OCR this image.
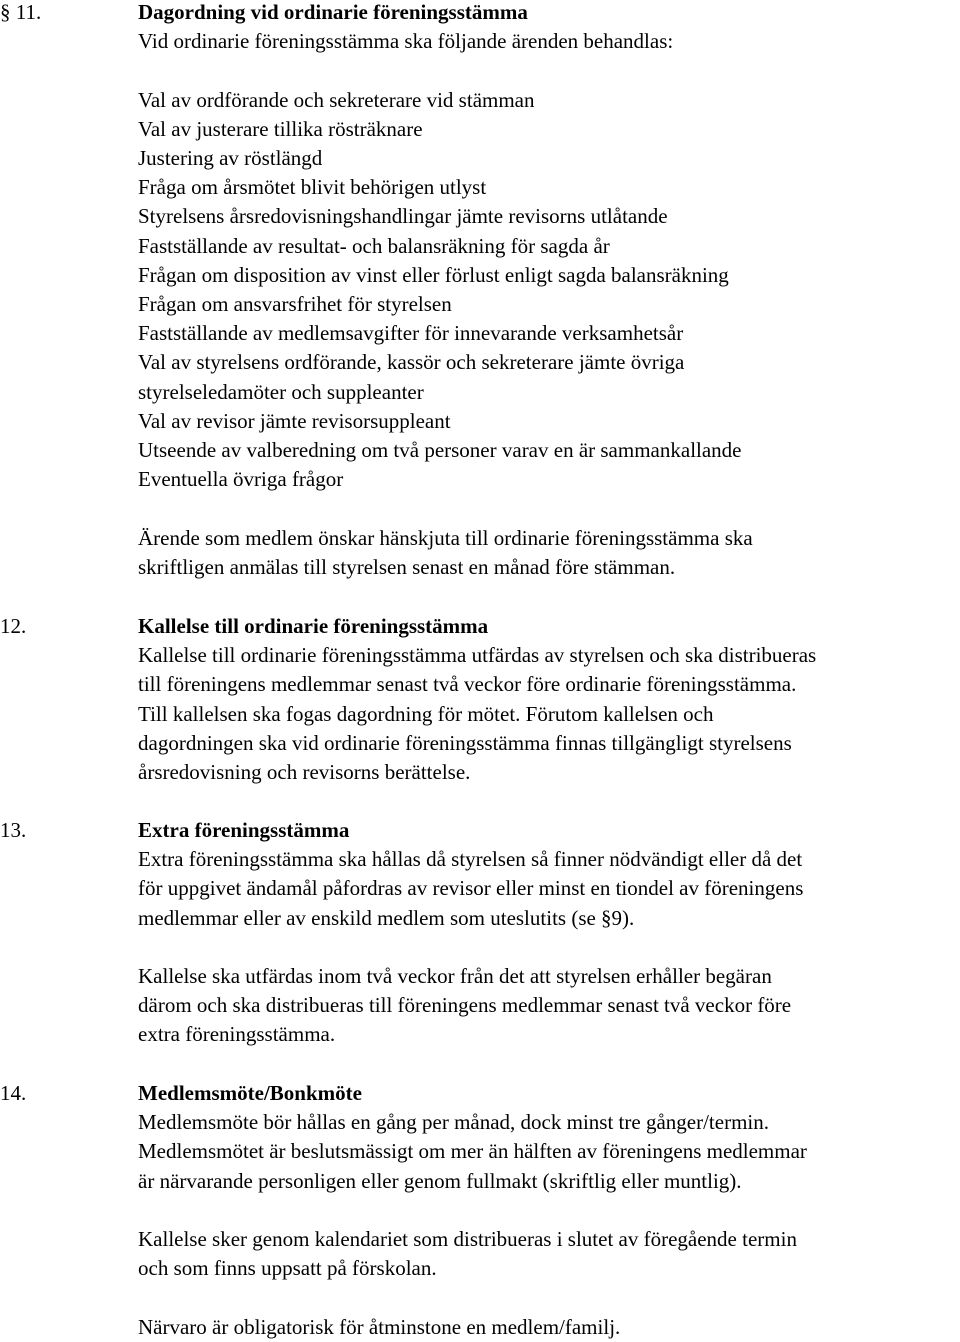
§ 11.	Dagordning vid ordinarie föreningsstämma
Vid ordinarie föreningsstämma ska följande ärenden behandlas:
Val av ordförande och sekreterare vid stämman
Val av justerare tillika rösträknare
Justering av röstlängd
Fråga om årsmötet blivit behörigen utlyst
Styrelsens årsredovisningshandlingar jämte revisorns utlåtande
Fastställande av resultat- och balansräkning för sagda år
Frågan om disposition av vinst eller förlust enligt sagda balansräkning
Frågan om ansvarsfrihet för styrelsen
Fastställande av medlemsavgifter för innevarande verksamhetsår
Val av styrelsens ordförande, kassör och sekreterare jämte övriga
styrelseledamöter och suppleanter
Val av revisor jämte revisorsuppleant
Utseende av valberedning om två personer varav en är sammankallande
Eventuella övriga frågor
Ärende som medlem önskar hänskjuta till ordinarie föreningsstämma ska
skriftligen anmälas till styrelsen senast en månad före stämman.
12.	Kallelse till ordinarie föreningsstämma
Kallelse till ordinarie föreningsstämma utfärdas av styrelsen och ska distribueras
till föreningens medlemmar senast två veckor före ordinarie föreningsstämma.
Till kallelsen ska fogas dagordning för mötet. Förutom kallelsen och
dagordningen ska vid ordinarie föreningsstämma finnas tillgängligt styrelsens
årsredovisning och revisorns berättelse.
13.	Extra föreningsstämma
Extra föreningsstämma ska hållas då styrelsen så finner nödvändigt eller då det
för uppgivet ändamål påfordras av revisor eller minst en tiondel av föreningens
medlemmar eller av enskild medlem som uteslutits (se §9).
Kallelse ska utfärdas inom två veckor från det att styrelsen erhåller begäran
därom och ska distribueras till föreningens medlemmar senast två veckor före
extra föreningsstämma.
14.	Medlemsmöte/Bonkmöte
Medlemsmöte bör hållas en gång per månad, dock minst tre gånger/termin.
Medlemsmötet är beslutsmässigt om mer än hälften av föreningens medlemmar
är närvarande personligen eller genom fullmakt (skriftlig eller muntlig).
Kallelse sker genom kalendariet som distribueras i slutet av föregående termin
och som finns uppsatt på förskolan.
Närvaro är obligatorisk för åtminstone en medlem/familj.
